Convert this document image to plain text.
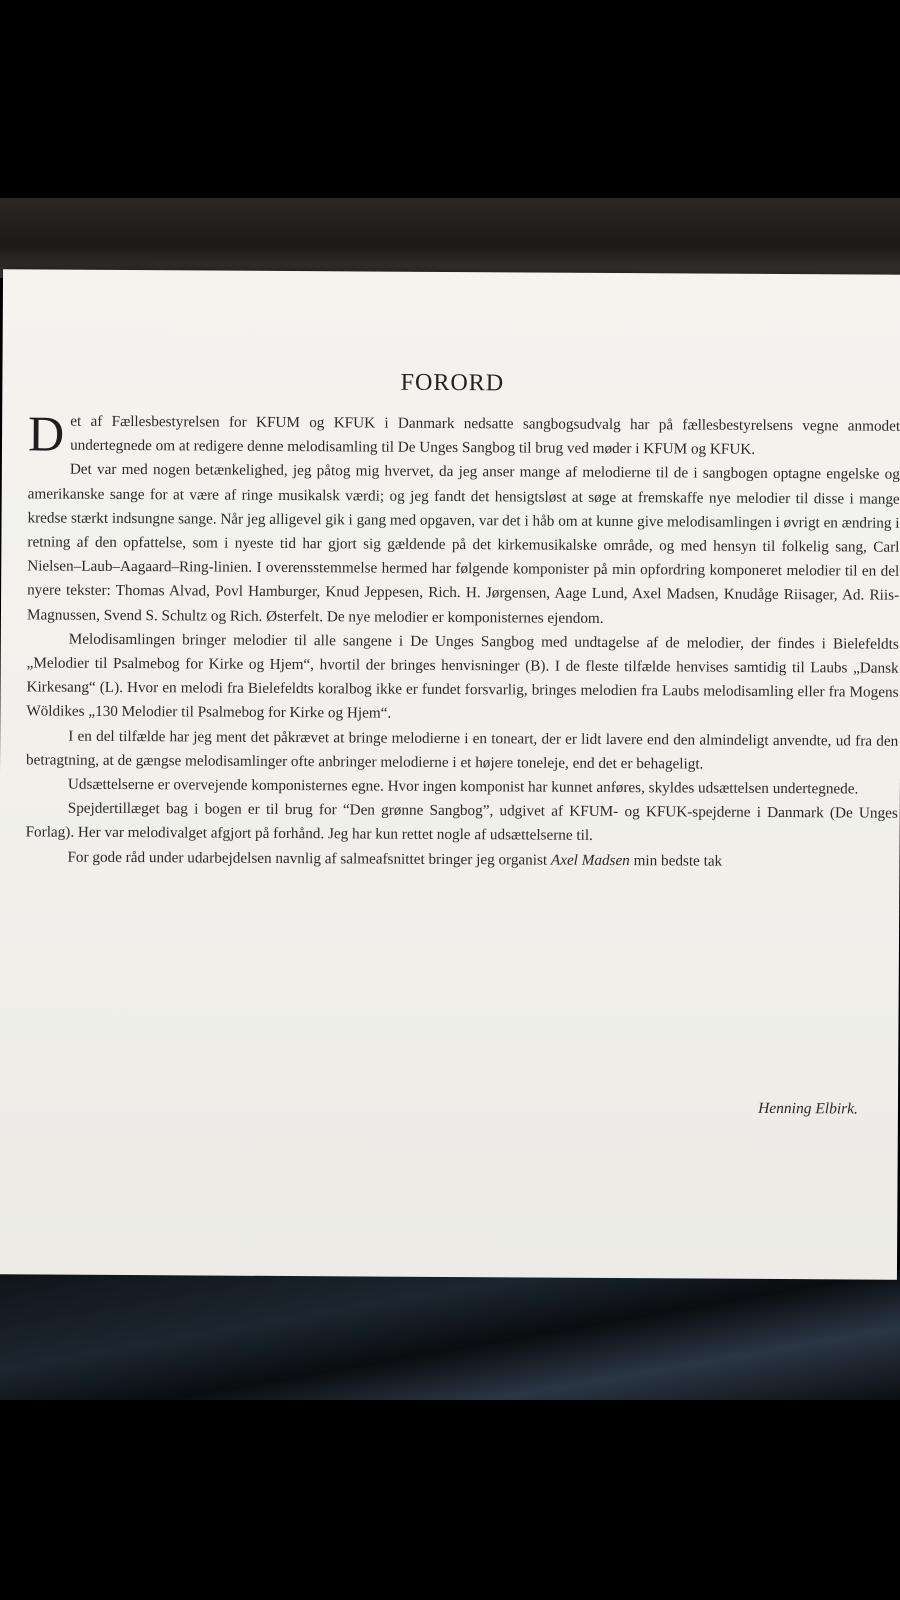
FORORD

Det af Fællesbestyrelsen for KFUM og KFUK i Danmark nedsatte sangbogsudvalg har på fællesbestyrelsens vegne anmodet undertegnede om at redigere denne melodisamling til De Unges Sangbog til brug ved møder i KFUM og KFUK.

Det var med nogen betænkelighed, jeg påtog mig hvervet, da jeg anser mange af melodierne til de i sangbogen optagne engelske og amerikanske sange for at være af ringe musikalsk værdi; og jeg fandt det hensigtsløst at søge at fremskaffe nye melodier til disse i mange kredse stærkt indsungne sange. Når jeg alligevel gik i gang med opgaven, var det i håb om at kunne give melodisamlingen i øvrigt en ændring i retning af den opfattelse, som i nyeste tid har gjort sig gældende på det kirkemusikalske område, og med hensyn til folkelig sang, Carl Nielsen–Laub–Aagaard–Ring-linien. I overensstemmelse hermed har følgende komponister på min opfordring komponeret melodier til en del nyere tekster: Thomas Alvad, Povl Hamburger, Knud Jeppesen, Rich. H. Jørgensen, Aage Lund, Axel Madsen, Knudåge Riisager, Ad. Riis-Magnussen, Svend S. Schultz og Rich. Østerfelt. De nye melodier er komponisternes ejendom.

Melodisamlingen bringer melodier til alle sangene i De Unges Sangbog med undtagelse af de melodier, der findes i Bielefeldts „Melodier til Psalmebog for Kirke og Hjem“, hvortil der bringes henvisninger (B). I de fleste tilfælde henvises samtidig til Laubs „Dansk Kirkesang“ (L). Hvor en melodi fra Bielefeldts koralbog ikke er fundet forsvarlig, bringes melodien fra Laubs melodisamling eller fra Mogens Wöldikes „130 Melodier til Psalmebog for Kirke og Hjem“.

I en del tilfælde har jeg ment det påkrævet at bringe melodierne i en toneart, der er lidt lavere end den almindeligt anvendte, ud fra den betragtning, at de gængse melodisamlinger ofte anbringer melodierne i et højere toneleje, end det er behageligt.

Udsættelserne er overvejende komponisternes egne. Hvor ingen komponist har kunnet anføres, skyldes udsættelsen undertegnede.

Spejdertillæget bag i bogen er til brug for “Den grønne Sangbog”, udgivet af KFUM- og KFUK-spejderne i Danmark (De Unges Forlag). Her var melodivalget afgjort på forhånd. Jeg har kun rettet nogle af udsættelserne til.

For gode råd under udarbejdelsen navnlig af salmeafsnittet bringer jeg organist Axel Madsen min bedste tak

Henning Elbirk.
